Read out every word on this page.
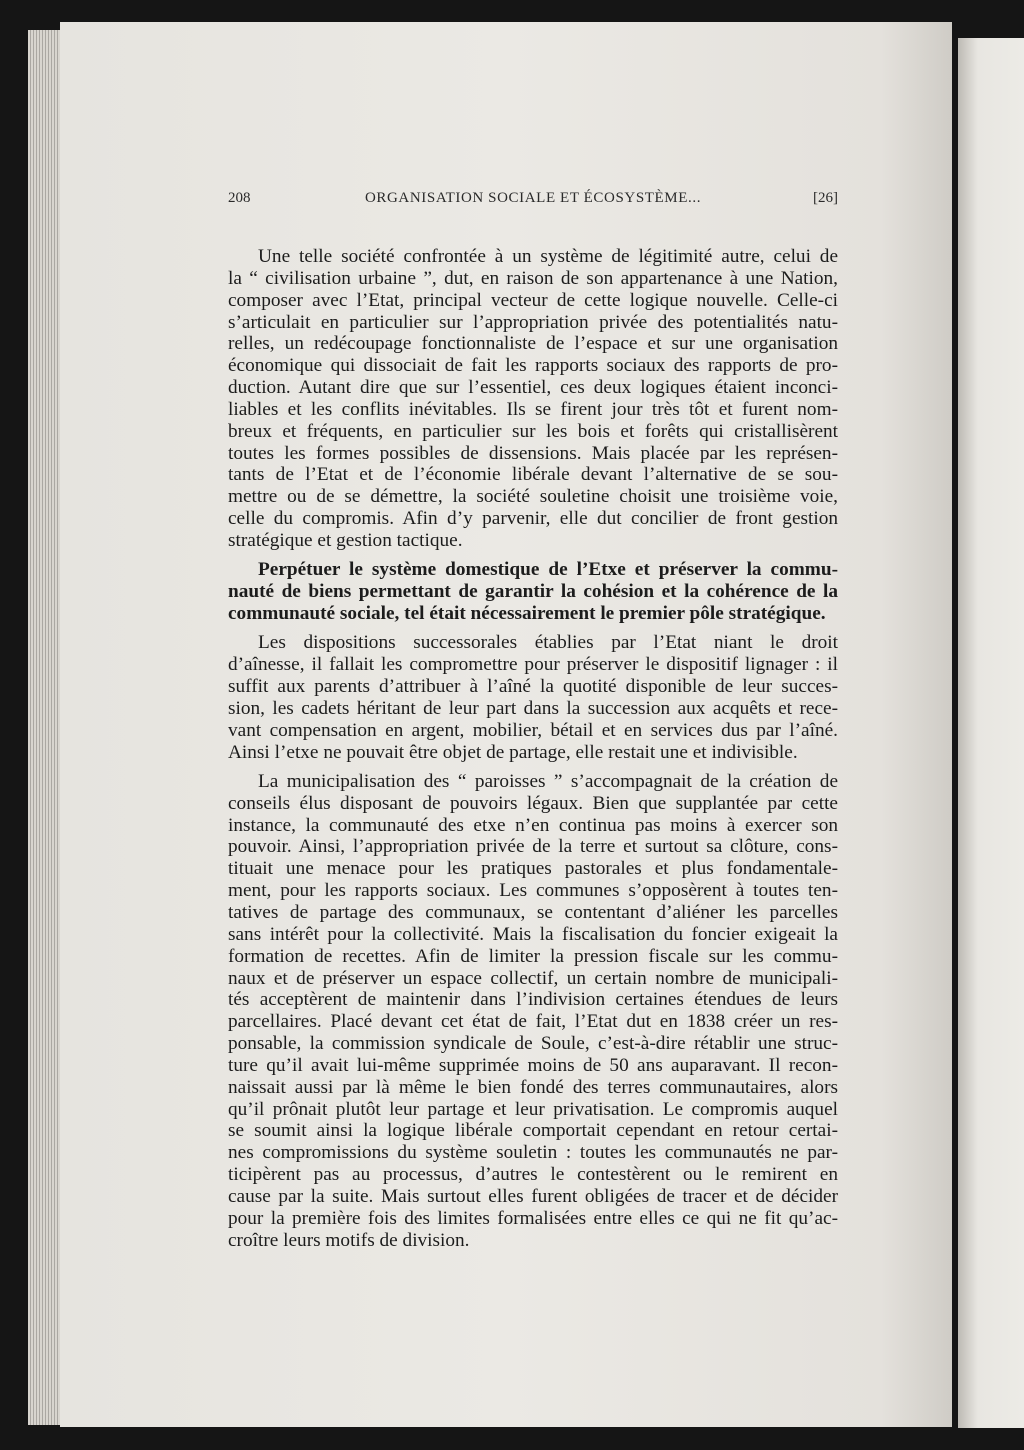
208	ORGANISATION SOCIALE ET ÉCOSYSTÈME...	[26]
Une telle société confrontée à un système de légitimité autre, celui de
la “ civilisation urbaine ”, dut, en raison de son appartenance à une Nation,
composer avec l’Etat, principal vecteur de cette logique nouvelle. Celle-ci
s’articulait en particulier sur l’appropriation privée des potentialités natu-
relles, un redécoupage fonctionnaliste de l’espace et sur une organisation
économique qui dissociait de fait les rapports sociaux des rapports de pro-
duction. Autant dire que sur l’essentiel, ces deux logiques étaient inconci-
liables et les conflits inévitables. Ils se firent jour très tôt et furent nom-
breux et fréquents, en particulier sur les bois et forêts qui cristallisèrent
toutes les formes possibles de dissensions. Mais placée par les représen-
tants de l’Etat et de l’économie libérale devant l’alternative de se sou-
mettre ou de se démettre, la société souletine choisit une troisième voie,
celle du compromis. Afin d’y parvenir, elle dut concilier de front gestion
stratégique et gestion tactique.
Perpétuer le système domestique de l’Etxe et préserver la commu-
nauté de biens permettant de garantir la cohésion et la cohérence de la
communauté sociale, tel était nécessairement le premier pôle stratégique.
Les dispositions successorales établies par l’Etat niant le droit
d’aînesse, il fallait les compromettre pour préserver le dispositif lignager : il
suffit aux parents d’attribuer à l’aîné la quotité disponible de leur succes-
sion, les cadets héritant de leur part dans la succession aux acquêts et rece-
vant compensation en argent, mobilier, bétail et en services dus par l’aîné.
Ainsi l’etxe ne pouvait être objet de partage, elle restait une et indivisible.
La municipalisation des “ paroisses ” s’accompagnait de la création de
conseils élus disposant de pouvoirs légaux. Bien que supplantée par cette
instance, la communauté des etxe n’en continua pas moins à exercer son
pouvoir. Ainsi, l’appropriation privée de la terre et surtout sa clôture, cons-
tituait une menace pour les pratiques pastorales et plus fondamentale-
ment, pour les rapports sociaux. Les communes s’opposèrent à toutes ten-
tatives de partage des communaux, se contentant d’aliéner les parcelles
sans intérêt pour la collectivité. Mais la fiscalisation du foncier exigeait la
formation de recettes. Afin de limiter la pression fiscale sur les commu-
naux et de préserver un espace collectif, un certain nombre de municipali-
tés acceptèrent de maintenir dans l’indivision certaines étendues de leurs
parcellaires. Placé devant cet état de fait, l’Etat dut en 1838 créer un res-
ponsable, la commission syndicale de Soule, c’est-à-dire rétablir une struc-
ture qu’il avait lui-même supprimée moins de 50 ans auparavant. Il recon-
naissait aussi par là même le bien fondé des terres communautaires, alors
qu’il prônait plutôt leur partage et leur privatisation. Le compromis auquel
se soumit ainsi la logique libérale comportait cependant en retour certai-
nes compromissions du système souletin : toutes les communautés ne par-
ticipèrent pas au processus, d’autres le contestèrent ou le remirent en
cause par la suite. Mais surtout elles furent obligées de tracer et de décider
pour la première fois des limites formalisées entre elles ce qui ne fit qu’ac-
croître leurs motifs de division.
